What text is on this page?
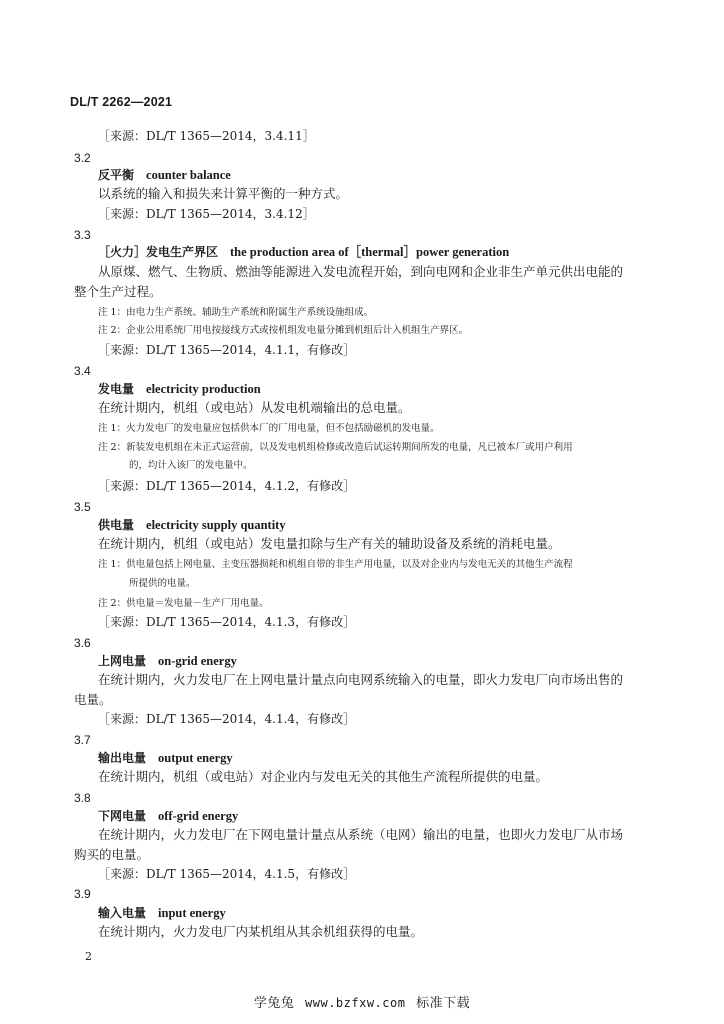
DL/T 2262—2021
［来源：DL/T 1365—2014，3.4.11］
3.2
反平衡 counter balance
以系统的输入和损失来计算平衡的一种方式。
［来源：DL/T 1365—2014，3.4.12］
3.3
［火力］发电生产界区 the production area of［thermal］power generation
从原煤、燃气、生物质、燃油等能源进入发电流程开始，到向电网和企业非生产单元供出电能的
整个生产过程。
注 1：由电力生产系统、辅助生产系统和附属生产系统设施组成。
注 2：企业公用系统厂用电按接线方式或按机组发电量分摊到机组后计入机组生产界区。
［来源：DL/T 1365—2014，4.1.1，有修改］
3.4
发电量 electricity production
在统计期内，机组（或电站）从发电机端输出的总电量。
注 1：火力发电厂的发电量应包括供本厂的厂用电量，但不包括励磁机的发电量。
注 2：新装发电机组在未正式运营前，以及发电机组检修或改造后试运转期间所发的电量，凡已被本厂或用户利用
的，均计入该厂的发电量中。
［来源：DL/T 1365—2014，4.1.2，有修改］
3.5
供电量 electricity supply quantity
在统计期内，机组（或电站）发电量扣除与生产有关的辅助设备及系统的消耗电量。
注 1：供电量包括上网电量、主变压器损耗和机组自带的非生产用电量，以及对企业内与发电无关的其他生产流程
所提供的电量。
注 2：供电量＝发电量－生产厂用电量。
［来源：DL/T 1365—2014，4.1.3，有修改］
3.6
上网电量 on-grid energy
在统计期内，火力发电厂在上网电量计量点向电网系统输入的电量，即火力发电厂向市场出售的
电量。
［来源：DL/T 1365—2014，4.1.4，有修改］
3.7
输出电量 output energy
在统计期内，机组（或电站）对企业内与发电无关的其他生产流程所提供的电量。
3.8
下网电量 off-grid energy
在统计期内，火力发电厂在下网电量计量点从系统（电网）输出的电量，也即火力发电厂从市场
购买的电量。
［来源：DL/T 1365—2014，4.1.5，有修改］
3.9
输入电量 input energy
在统计期内，火力发电厂内某机组从其余机组获得的电量。
2
学兔兔 www.bzfxw.com 标准下载
